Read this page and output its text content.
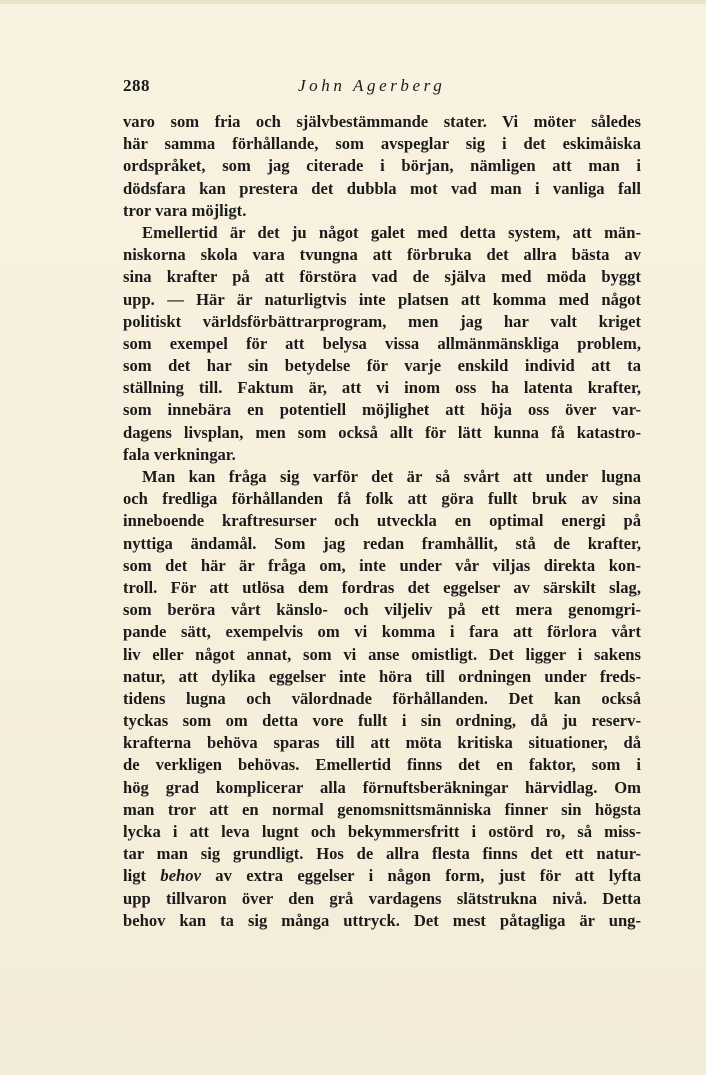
288	John Agerberg
varo som fria och självbestämmande stater. Vi möter således
här samma förhållande, som avspeglar sig i det eskimåiska
ordspråket, som jag citerade i början, nämligen att man i
dödsfara kan prestera det dubbla mot vad man i vanliga fall
tror vara möjligt.
Emellertid är det ju något galet med detta system, att män-
niskorna skola vara tvungna att förbruka det allra bästa av
sina krafter på att förstöra vad de själva med möda byggt
upp. — Här är naturligtvis inte platsen att komma med något
politiskt världsförbättrarprogram, men jag har valt kriget
som exempel för att belysa vissa allmänmänskliga problem,
som det har sin betydelse för varje enskild individ att ta
ställning till. Faktum är, att vi inom oss ha latenta krafter,
som innebära en potentiell möjlighet att höja oss över var-
dagens livsplan, men som också allt för lätt kunna få katastro-
fala verkningar.
Man kan fråga sig varför det är så svårt att under lugna
och fredliga förhållanden få folk att göra fullt bruk av sina
inneboende kraftresurser och utveckla en optimal energi på
nyttiga ändamål. Som jag redan framhållit, stå de krafter,
som det här är fråga om, inte under vår viljas direkta kon-
troll. För att utlösa dem fordras det eggelser av särskilt slag,
som beröra vårt känslo- och viljeliv på ett mera genomgri-
pande sätt, exempelvis om vi komma i fara att förlora vårt
liv eller något annat, som vi anse omistligt. Det ligger i sakens
natur, att dylika eggelser inte höra till ordningen under freds-
tidens lugna och välordnade förhållanden. Det kan också
tyckas som om detta vore fullt i sin ordning, då ju reserv-
krafterna behöva sparas till att möta kritiska situationer, då
de verkligen behövas. Emellertid finns det en faktor, som i
hög grad komplicerar alla förnuftsberäkningar härvidlag. Om
man tror att en normal genomsnittsmänniska finner sin högsta
lycka i att leva lugnt och bekymmersfritt i ostörd ro, så miss-
tar man sig grundligt. Hos de allra flesta finns det ett natur-
ligt behov av extra eggelser i någon form, just för att lyfta
upp tillvaron över den grå vardagens slätstrukna nivå. Detta
behov kan ta sig många uttryck. Det mest påtagliga är ung-
